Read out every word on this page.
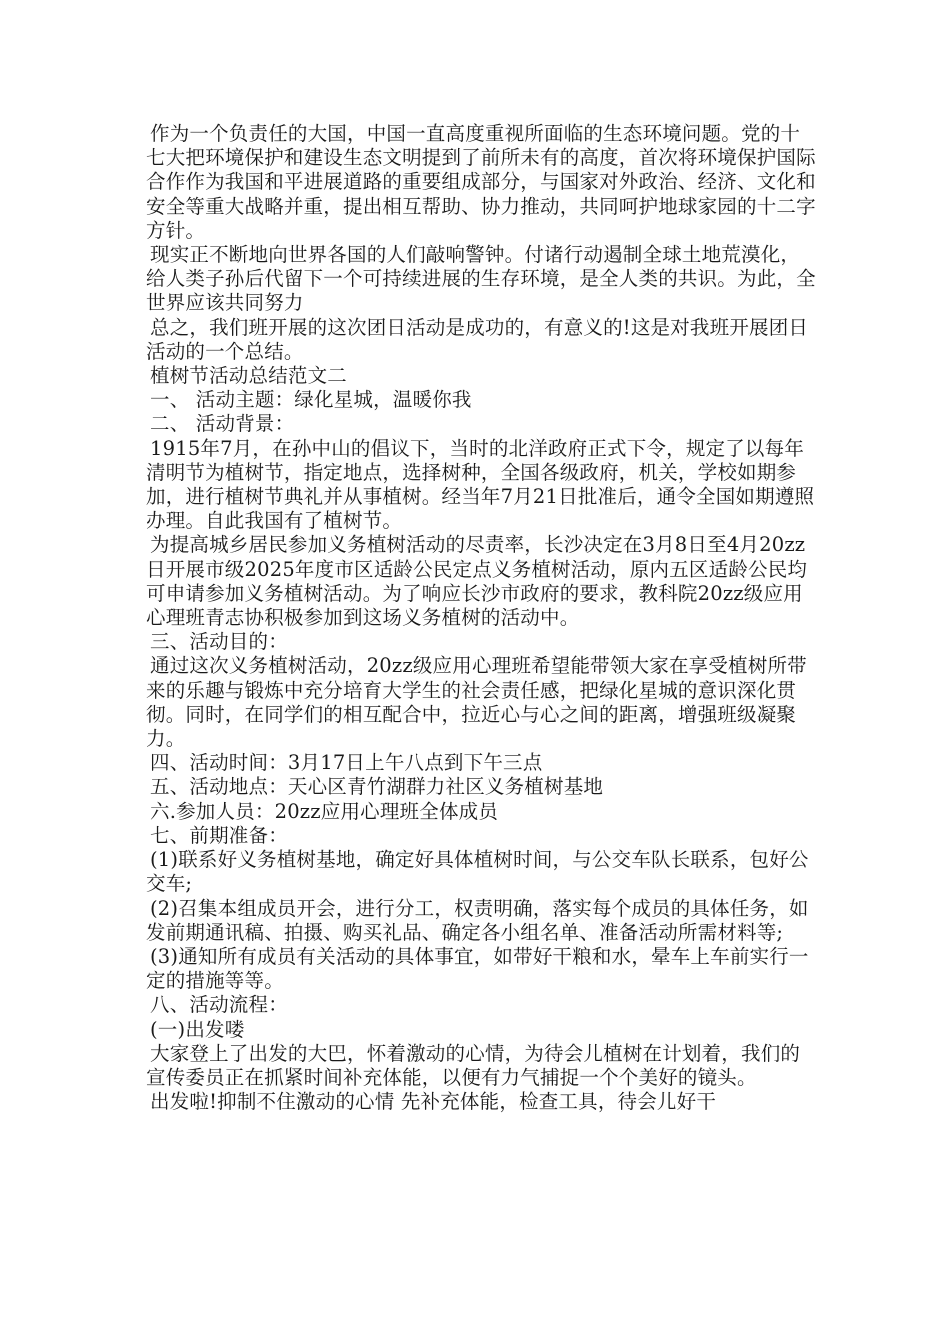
作为一个负责任的大国，中国一直高度重视所面临的生态环境问题。党的十七大把环境保护和建设生态文明提到了前所未有的高度，首次将环境保护国际合作作为我国和平进展道路的重要组成部分，与国家对外政治、经济、文化和安全等重大战略并重，提出相互帮助、协力推动，共同呵护地球家园的十二字方针。

现实正不断地向世界各国的人们敲响警钟。付诸行动遏制全球土地荒漠化，给人类子孙后代留下一个可持续进展的生存环境，是全人类的共识。为此，全世界应该共同努力

总之，我们班开展的这次团日活动是成功的，有意义的!这是对我班开展团日活动的一个总结。

植树节活动总结范文二

一、 活动主题：绿化星城，温暖你我

二、 活动背景：

1915年7月，在孙中山的倡议下，当时的北洋政府正式下令，规定了以每年清明节为植树节，指定地点，选择树种，全国各级政府，机关，学校如期参加，进行植树节典礼并从事植树。经当年7月21日批准后，通令全国如期遵照办理。自此我国有了植树节。

为提高城乡居民参加义务植树活动的尽责率，长沙决定在3月8日至4月20zz日开展市级2025年度市区适龄公民定点义务植树活动，原内五区适龄公民均可申请参加义务植树活动。为了响应长沙市政府的要求，教科院20zz级应用心理班青志协积极参加到这场义务植树的活动中。

三、活动目的：

通过这次义务植树活动，20zz级应用心理班希望能带领大家在享受植树所带来的乐趣与锻炼中充分培育大学生的社会责任感，把绿化星城的意识深化贯彻。同时，在同学们的相互配合中，拉近心与心之间的距离，增强班级凝聚力。

四、活动时间：3月17日上午八点到下午三点

五、活动地点：天心区青竹湖群力社区义务植树基地

六.参加人员：20zz应用心理班全体成员

七、前期准备：

(1)联系好义务植树基地，确定好具体植树时间，与公交车队长联系，包好公交车;

(2)召集本组成员开会，进行分工，权责明确，落实每个成员的具体任务，如发前期通讯稿、拍摄、购买礼品、确定各小组名单、准备活动所需材料等;

(3)通知所有成员有关活动的具体事宜，如带好干粮和水，晕车上车前实行一定的措施等等。

八、活动流程：

(一)出发喽

大家登上了出发的大巴，怀着激动的心情，为待会儿植树在计划着，我们的宣传委员正在抓紧时间补充体能，以便有力气捕捉一个个美好的镜头。

出发啦!抑制不住激动的心情 先补充体能，检查工具，待会儿好干
